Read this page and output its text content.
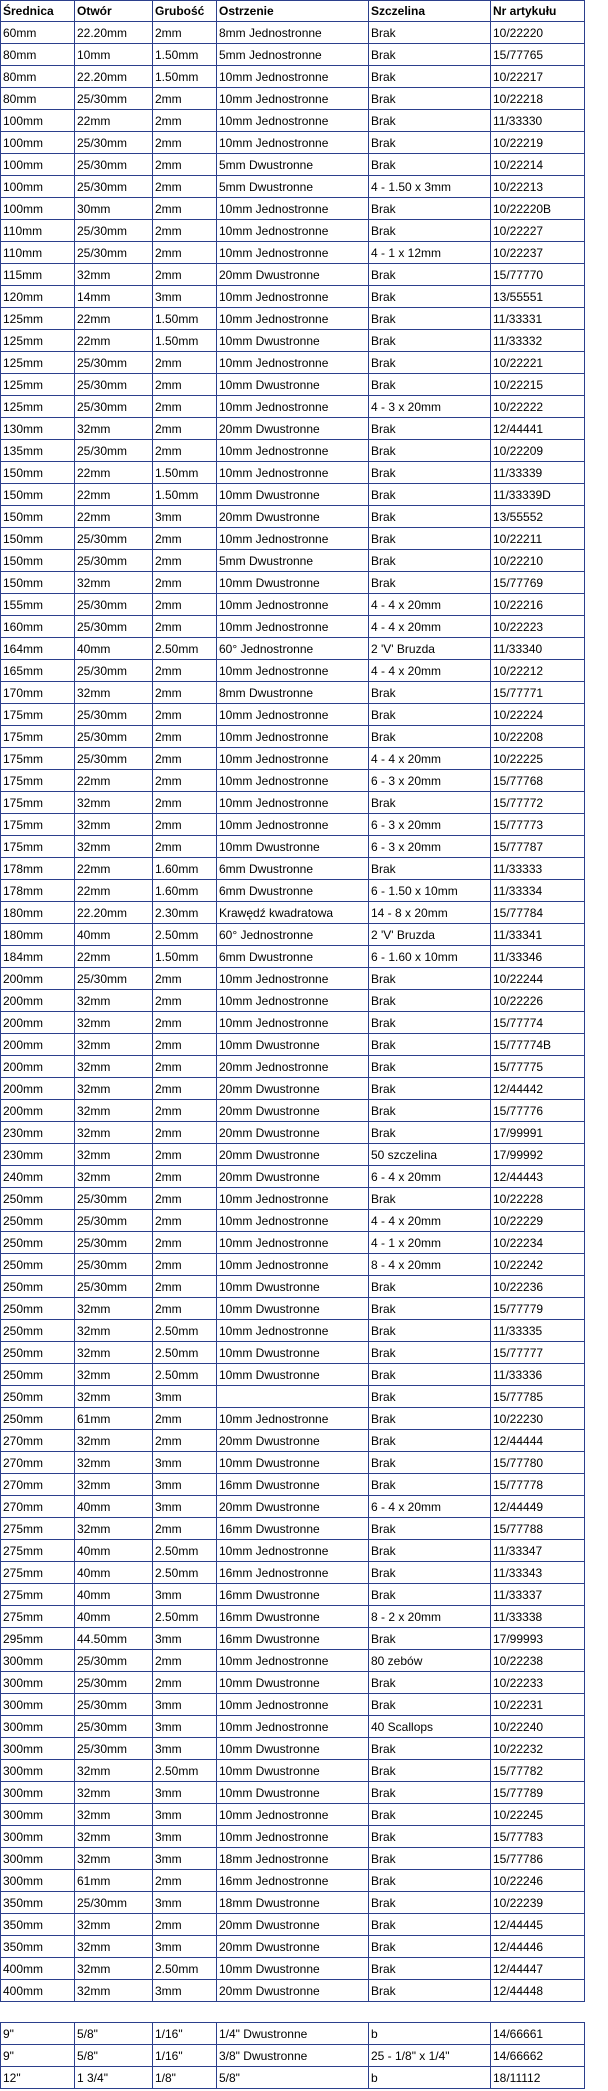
Średnica	Otwór	Grubość	Ostrzenie	Szczelina	Nr artykułu
60mm	22.20mm	2mm	8mm Jednostronne	Brak	10/22220
80mm	10mm	1.50mm	5mm Jednostronne	Brak	15/77765
80mm	22.20mm	1.50mm	10mm Jednostronne	Brak	10/22217
80mm	25/30mm	2mm	10mm Jednostronne	Brak	10/22218
100mm	22mm	2mm	10mm Jednostronne	Brak	11/33330
100mm	25/30mm	2mm	10mm Jednostronne	Brak	10/22219
100mm	25/30mm	2mm	5mm Dwustronne	Brak	10/22214
100mm	25/30mm	2mm	5mm Dwustronne	4 - 1.50 x 3mm	10/22213
100mm	30mm	2mm	10mm Jednostronne	Brak	10/22220B
110mm	25/30mm	2mm	10mm Jednostronne	Brak	10/22227
110mm	25/30mm	2mm	10mm Jednostronne	4 - 1 x 12mm	10/22237
115mm	32mm	2mm	20mm Dwustronne	Brak	15/77770
120mm	14mm	3mm	10mm Jednostronne	Brak	13/55551
125mm	22mm	1.50mm	10mm Jednostronne	Brak	11/33331
125mm	22mm	1.50mm	10mm Dwustronne	Brak	11/33332
125mm	25/30mm	2mm	10mm Jednostronne	Brak	10/22221
125mm	25/30mm	2mm	10mm Dwustronne	Brak	10/22215
125mm	25/30mm	2mm	10mm Jednostronne	4 - 3 x 20mm	10/22222
130mm	32mm	2mm	20mm Dwustronne	Brak	12/44441
135mm	25/30mm	2mm	10mm Jednostronne	Brak	10/22209
150mm	22mm	1.50mm	10mm Jednostronne	Brak	11/33339
150mm	22mm	1.50mm	10mm Dwustronne	Brak	11/33339D
150mm	22mm	3mm	20mm Dwustronne	Brak	13/55552
150mm	25/30mm	2mm	10mm Jednostronne	Brak	10/22211
150mm	25/30mm	2mm	5mm Dwustronne	Brak	10/22210
150mm	32mm	2mm	10mm Dwustronne	Brak	15/77769
155mm	25/30mm	2mm	10mm Jednostronne	4 - 4 x 20mm	10/22216
160mm	25/30mm	2mm	10mm Jednostronne	4 - 4 x 20mm	10/22223
164mm	40mm	2.50mm	60° Jednostronne	2 'V' Bruzda	11/33340
165mm	25/30mm	2mm	10mm Jednostronne	4 - 4 x 20mm	10/22212
170mm	32mm	2mm	8mm Dwustronne	Brak	15/77771
175mm	25/30mm	2mm	10mm Jednostronne	Brak	10/22224
175mm	25/30mm	2mm	10mm Jednostronne	Brak	10/22208
175mm	25/30mm	2mm	10mm Jednostronne	4 - 4 x 20mm	10/22225
175mm	22mm	2mm	10mm Jednostronne	6 - 3 x 20mm	15/77768
175mm	32mm	2mm	10mm Jednostronne	Brak	15/77772
175mm	32mm	2mm	10mm Jednostronne	6 - 3 x 20mm	15/77773
175mm	32mm	2mm	10mm Dwustronne	6 - 3 x 20mm	15/77787
178mm	22mm	1.60mm	6mm Dwustronne	Brak	11/33333
178mm	22mm	1.60mm	6mm Dwustronne	6 - 1.50 x 10mm	11/33334
180mm	22.20mm	2.30mm	Krawędź kwadratowa	14 - 8 x 20mm	15/77784
180mm	40mm	2.50mm	60° Jednostronne	2 'V' Bruzda	11/33341
184mm	22mm	1.50mm	6mm Dwustronne	6 - 1.60 x 10mm	11/33346
200mm	25/30mm	2mm	10mm Jednostronne	Brak	10/22244
200mm	32mm	2mm	10mm Jednostronne	Brak	10/22226
200mm	32mm	2mm	10mm Jednostronne	Brak	15/77774
200mm	32mm	2mm	10mm Dwustronne	Brak	15/77774B
200mm	32mm	2mm	20mm Jednostronne	Brak	15/77775
200mm	32mm	2mm	20mm Dwustronne	Brak	12/44442
200mm	32mm	2mm	20mm Dwustronne	Brak	15/77776
230mm	32mm	2mm	20mm Dwustronne	Brak	17/99991
230mm	32mm	2mm	20mm Dwustronne	50 szczelina	17/99992
240mm	32mm	2mm	20mm Dwustronne	6 - 4 x 20mm	12/44443
250mm	25/30mm	2mm	10mm Jednostronne	Brak	10/22228
250mm	25/30mm	2mm	10mm Jednostronne	4 - 4 x 20mm	10/22229
250mm	25/30mm	2mm	10mm Jednostronne	4 - 1 x 20mm	10/22234
250mm	25/30mm	2mm	10mm Jednostronne	8 - 4 x 20mm	10/22242
250mm	25/30mm	2mm	10mm Dwustronne	Brak	10/22236
250mm	32mm	2mm	10mm Dwustronne	Brak	15/77779
250mm	32mm	2.50mm	10mm Jednostronne	Brak	11/33335
250mm	32mm	2.50mm	10mm Dwustronne	Brak	15/77777
250mm	32mm	2.50mm	10mm Dwustronne	Brak	11/33336
250mm	32mm	3mm		Brak	15/77785
250mm	61mm	2mm	10mm Jednostronne	Brak	10/22230
270mm	32mm	2mm	20mm Dwustronne	Brak	12/44444
270mm	32mm	3mm	10mm Dwustronne	Brak	15/77780
270mm	32mm	3mm	16mm Dwustronne	Brak	15/77778
270mm	40mm	3mm	20mm Dwustronne	6 - 4 x 20mm	12/44449
275mm	32mm	2mm	16mm Dwustronne	Brak	15/77788
275mm	40mm	2.50mm	10mm Jednostronne	Brak	11/33347
275mm	40mm	2.50mm	16mm Jednostronne	Brak	11/33343
275mm	40mm	3mm	16mm Dwustronne	Brak	11/33337
275mm	40mm	2.50mm	16mm Dwustronne	8 - 2 x 20mm	11/33338
295mm	44.50mm	3mm	16mm Dwustronne	Brak	17/99993
300mm	25/30mm	2mm	10mm Jednostronne	80 zebów	10/22238
300mm	25/30mm	2mm	10mm Dwustronne	Brak	10/22233
300mm	25/30mm	3mm	10mm Jednostronne	Brak	10/22231
300mm	25/30mm	3mm	10mm Jednostronne	40 Scallops	10/22240
300mm	25/30mm	3mm	10mm Dwustronne	Brak	10/22232
300mm	32mm	2.50mm	10mm Dwustronne	Brak	15/77782
300mm	32mm	3mm	10mm Dwustronne	Brak	15/77789
300mm	32mm	3mm	10mm Jednostronne	Brak	10/22245
300mm	32mm	3mm	10mm Jednostronne	Brak	15/77783
300mm	32mm	3mm	18mm Jednostronne	Brak	15/77786
300mm	61mm	2mm	16mm Jednostronne	Brak	10/22246
350mm	25/30mm	3mm	18mm Dwustronne	Brak	10/22239
350mm	32mm	2mm	20mm Dwustronne	Brak	12/44445
350mm	32mm	3mm	20mm Dwustronne	Brak	12/44446
400mm	32mm	2.50mm	10mm Dwustronne	Brak	12/44447
400mm	32mm	3mm	20mm Dwustronne	Brak	12/44448

9"	5/8"	1/16"	1/4" Dwustronne	b	14/66661
9"	5/8"	1/16"	3/8" Dwustronne	25 - 1/8" x 1/4"	14/66662
12"	1 3/4"	1/8"	5/8"	b	18/11112
